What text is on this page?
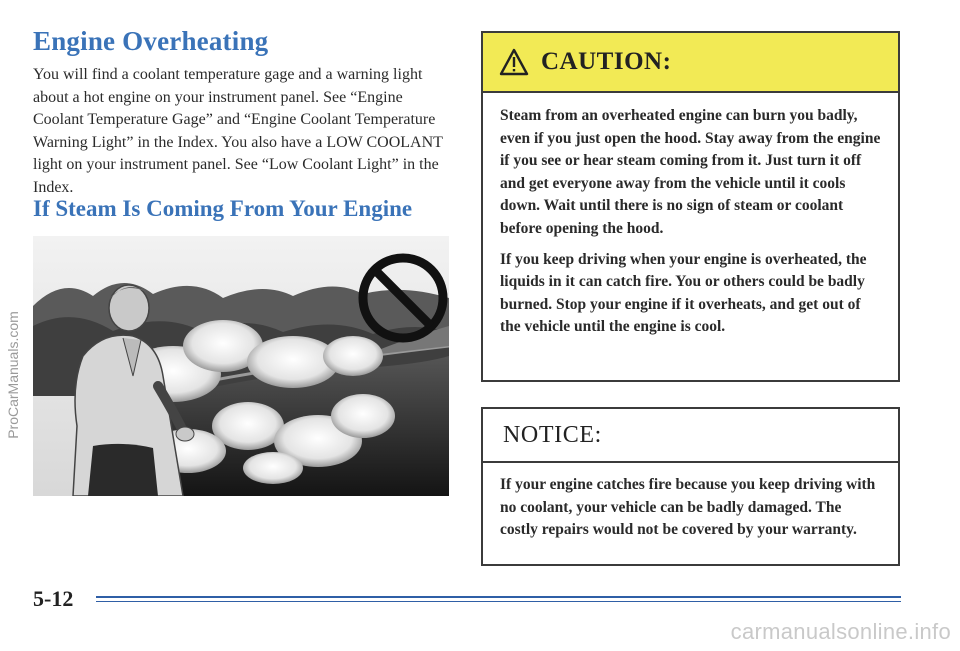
Engine Overheating

You will find a coolant temperature gage and a warning light about a hot engine on your instrument panel. See “Engine Coolant Temperature Gage” and “Engine Coolant Temperature Warning Light” in the Index. You also have a LOW COOLANT light on your instrument panel. See “Low Coolant Light” in the Index.

If Steam Is Coming From Your Engine
CAUTION:

Steam from an overheated engine can burn you badly, even if you just open the hood. Stay away from the engine if you see or hear steam coming from it. Just turn it off and get everyone away from the vehicle until it cools down. Wait until there is no sign of steam or coolant before opening the hood.

If you keep driving when your engine is overheated, the liquids in it can catch fire. You or others could be badly burned. Stop your engine if it overheats, and get out of the vehicle until the engine is cool.

NOTICE:

If your engine catches fire because you keep driving with no coolant, your vehicle can be badly damaged. The costly repairs would not be covered by your warranty.

5-12
ProCarManuals.com
carmanualsonline.info
